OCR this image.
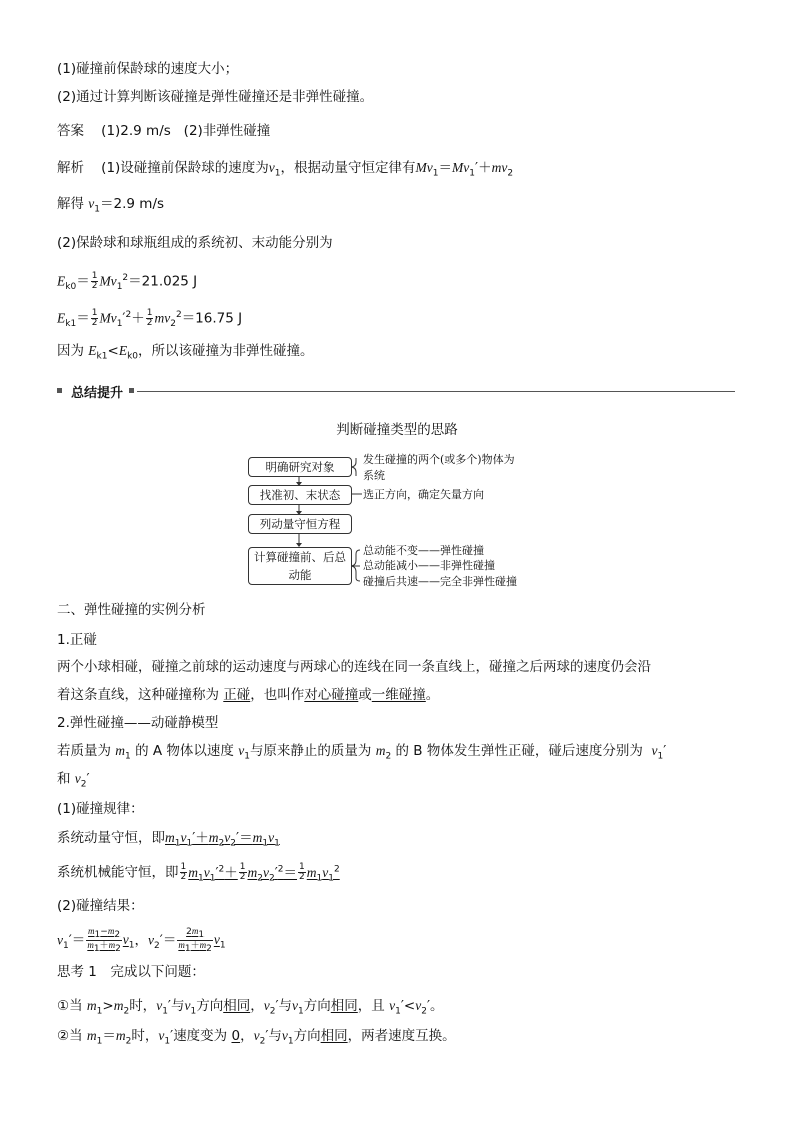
(1)碰撞前保龄球的速度大小；
(2)通过计算判断该碰撞是弹性碰撞还是非弹性碰撞。
答案 (1)2.9 m/s (2)非弹性碰撞
解析 (1)设碰撞前保龄球的速度为$v_1$，根据动量守恒定律有$Mv_1=Mv_1'+mv_2$
解得 $v_1=2.9$ m/s
(2)保龄球和球瓶组成的系统初、末动能分别为
$E_{k0}= \frac{1}{2} Mv_1^2=21.025$ J
$E_{k1}= \frac{1}{2} Mv_1'^2+ \frac{1}{2} mv_2^2=16.75$ J
因为 $E_{k1}<E_{k0}$，所以该碰撞为非弹性碰撞。
总结提升
判断碰撞类型的思路
明确研究对象
找准初、末状态
列动量守恒方程
计算碰撞前、后总动能
发生碰撞的两个(或多个)物体为
系统
选正方向，确定矢量方向
总动能不变——弹性碰撞
总动能减小——非弹性碰撞
碰撞后共速——完全非弹性碰撞
二、弹性碰撞的实例分析
1.正碰
两个小球相碰，碰撞之前球的运动速度与两球心的连线在同一条直线上，碰撞之后两球的速度仍会沿
着这条直线，这种碰撞称为 正碰，也叫作对心碰撞或一维碰撞。
2.弹性碰撞——动碰静模型
若质量为 $m_1$ 的 A 物体以速度 $v_1$与原来静止的质量为 $m_2$ 的 B 物体发生弹性正碰，碰后速度分别为 $v_1'$
和 $v_2'$
(1)碰撞规律：
系统动量守恒，即$m_1v_1'+m_2v_2'=m_1v_1$
系统机械能守恒，即 $\frac{1}{2} m_1v_1'^2+ \frac{1}{2} m_2v_2'^2= \frac{1}{2} m_1v_1^2$
(2)碰撞结果：
$v_1'= \frac{m_1-m_2}{m_1+m_2} v_1$，$v_2'= \frac{2m_1}{m_1+m_2} v_1$
思考 1　完成以下问题：
①当 $m_1>m_2$时，$v_1'$与$v_1$方向相同，$v_2'$与$v_1$方向相同，且 $v_1'<v_2'$。
②当 $m_1=m_2$时，$v_1'$速度变为 0，$v_2'$与$v_1$方向相同，两者速度互换。
